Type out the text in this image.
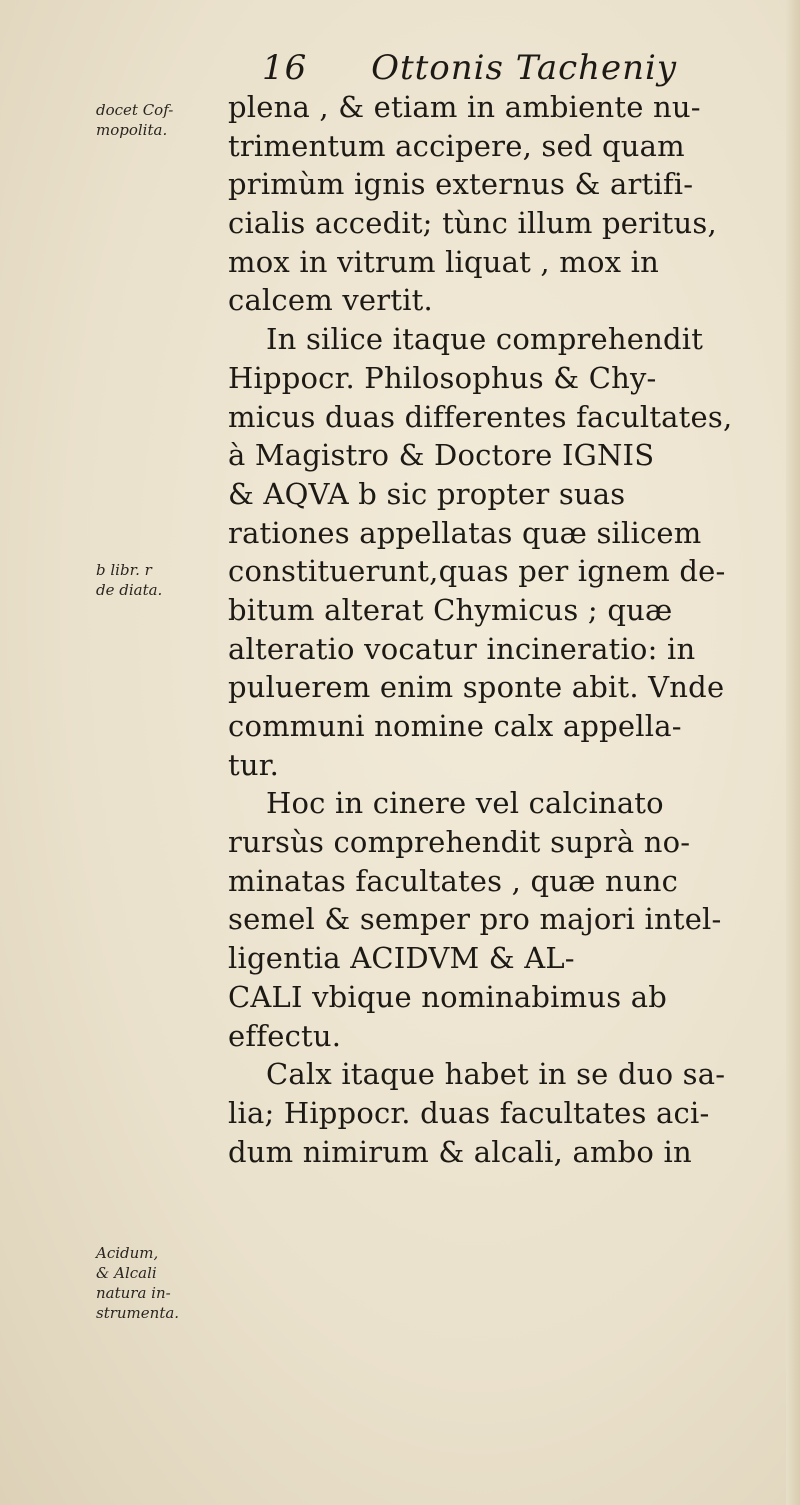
16 Ottonis Tacheniy
docet Cof-
mopolita.
b libr. r
de diata.
Acidum,
& Alcali
natura in-
strumenta.
plena , & etiam in ambiente nu-
trimentum accipere, sed quam
primùm ignis externus & artifi-
cialis accedit; tùnc illum peritus,
mox in vitrum liquat , mox in
calcem vertit.
In silice itaque comprehendit
Hippocr. Philosophus & Chy-
micus duas differentes facultates,
à Magistro & Doctore IGNIS
& AQVA b sic propter suas
rationes appellatas quæ silicem
constituerunt,quas per ignem de-
bitum alterat Chymicus ; quæ
alteratio vocatur incineratio: in
puluerem enim sponte abit. Vnde
communi nomine calx appella-
tur.
Hoc in cinere vel calcinato
rursùs comprehendit suprà no-
minatas facultates , quæ nunc
semel & semper pro majori intel-
ligentia ACIDVM & AL-
CALI vbique nominabimus ab
effectu.
Calx itaque habet in se duo sa-
lia; Hippocr. duas facultates aci-
dum nimirum & alcali, ambo in
